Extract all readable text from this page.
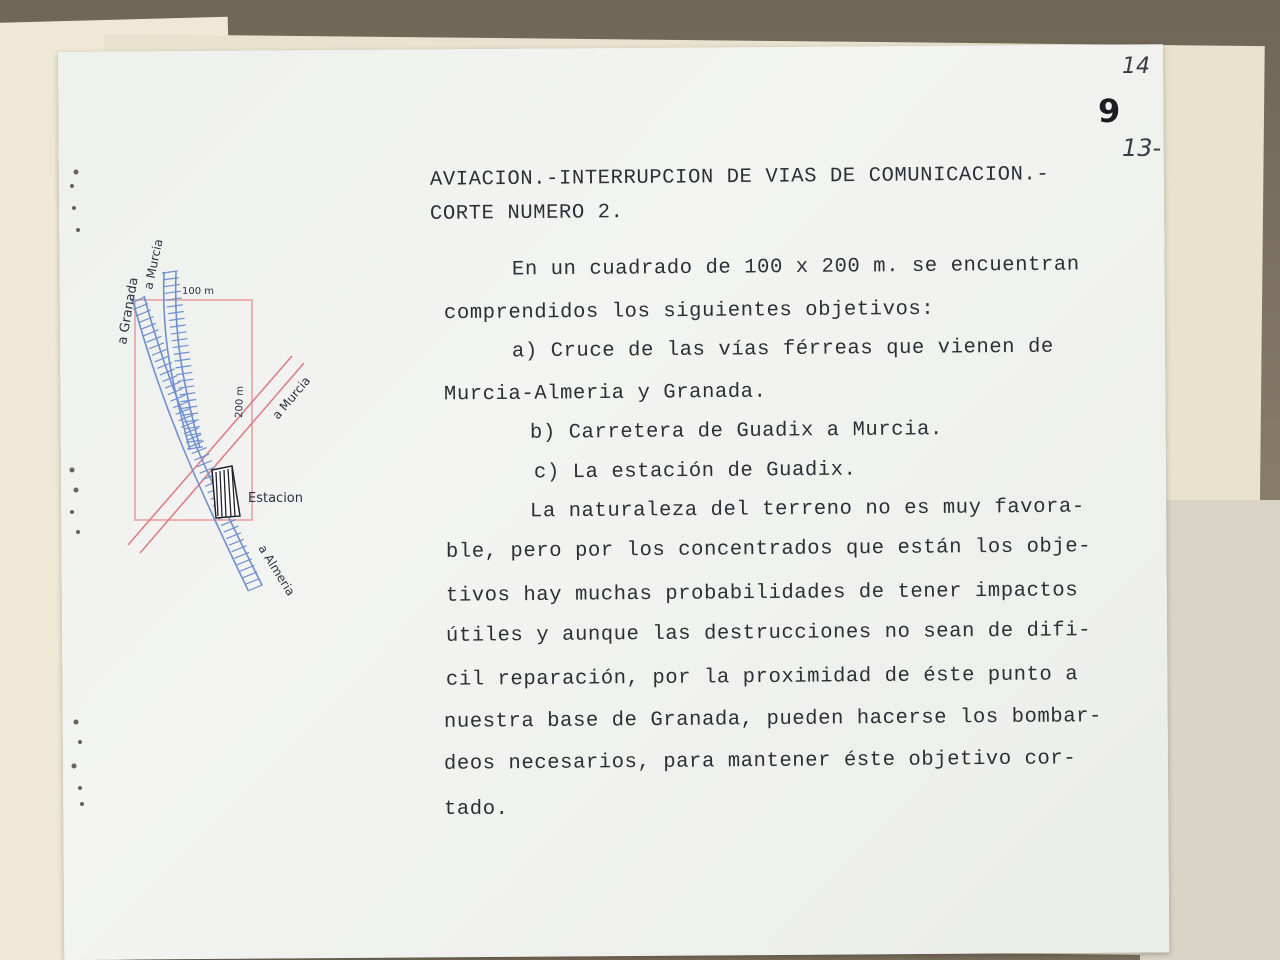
14
9
13-
AVIACION.-INTERRUPCION DE VIAS DE COMUNICACION.-
CORTE NUMERO 2.
En un cuadrado de 100 x 200 m. se encuentran
comprendidos los siguientes objetivos:
a) Cruce de las vías férreas que vienen de
Murcia-Almeria y Granada.
b) Carretera de Guadix a Murcia.
c) La estación de Guadix.
La naturaleza del terreno no es muy favora-
ble, pero por los concentrados que están los obje-
tivos hay muchas probabilidades de tener impactos
útiles y aunque las destrucciones no sean de difi-
cil reparación, por la proximidad de éste punto a
nuestra base de Granada, pueden hacerse los bombar-
deos necesarios, para mantener éste objetivo cor-
tado.
a Granada
a Murcia
100 m
200 m a Murcia
Estacion
a Almeria
